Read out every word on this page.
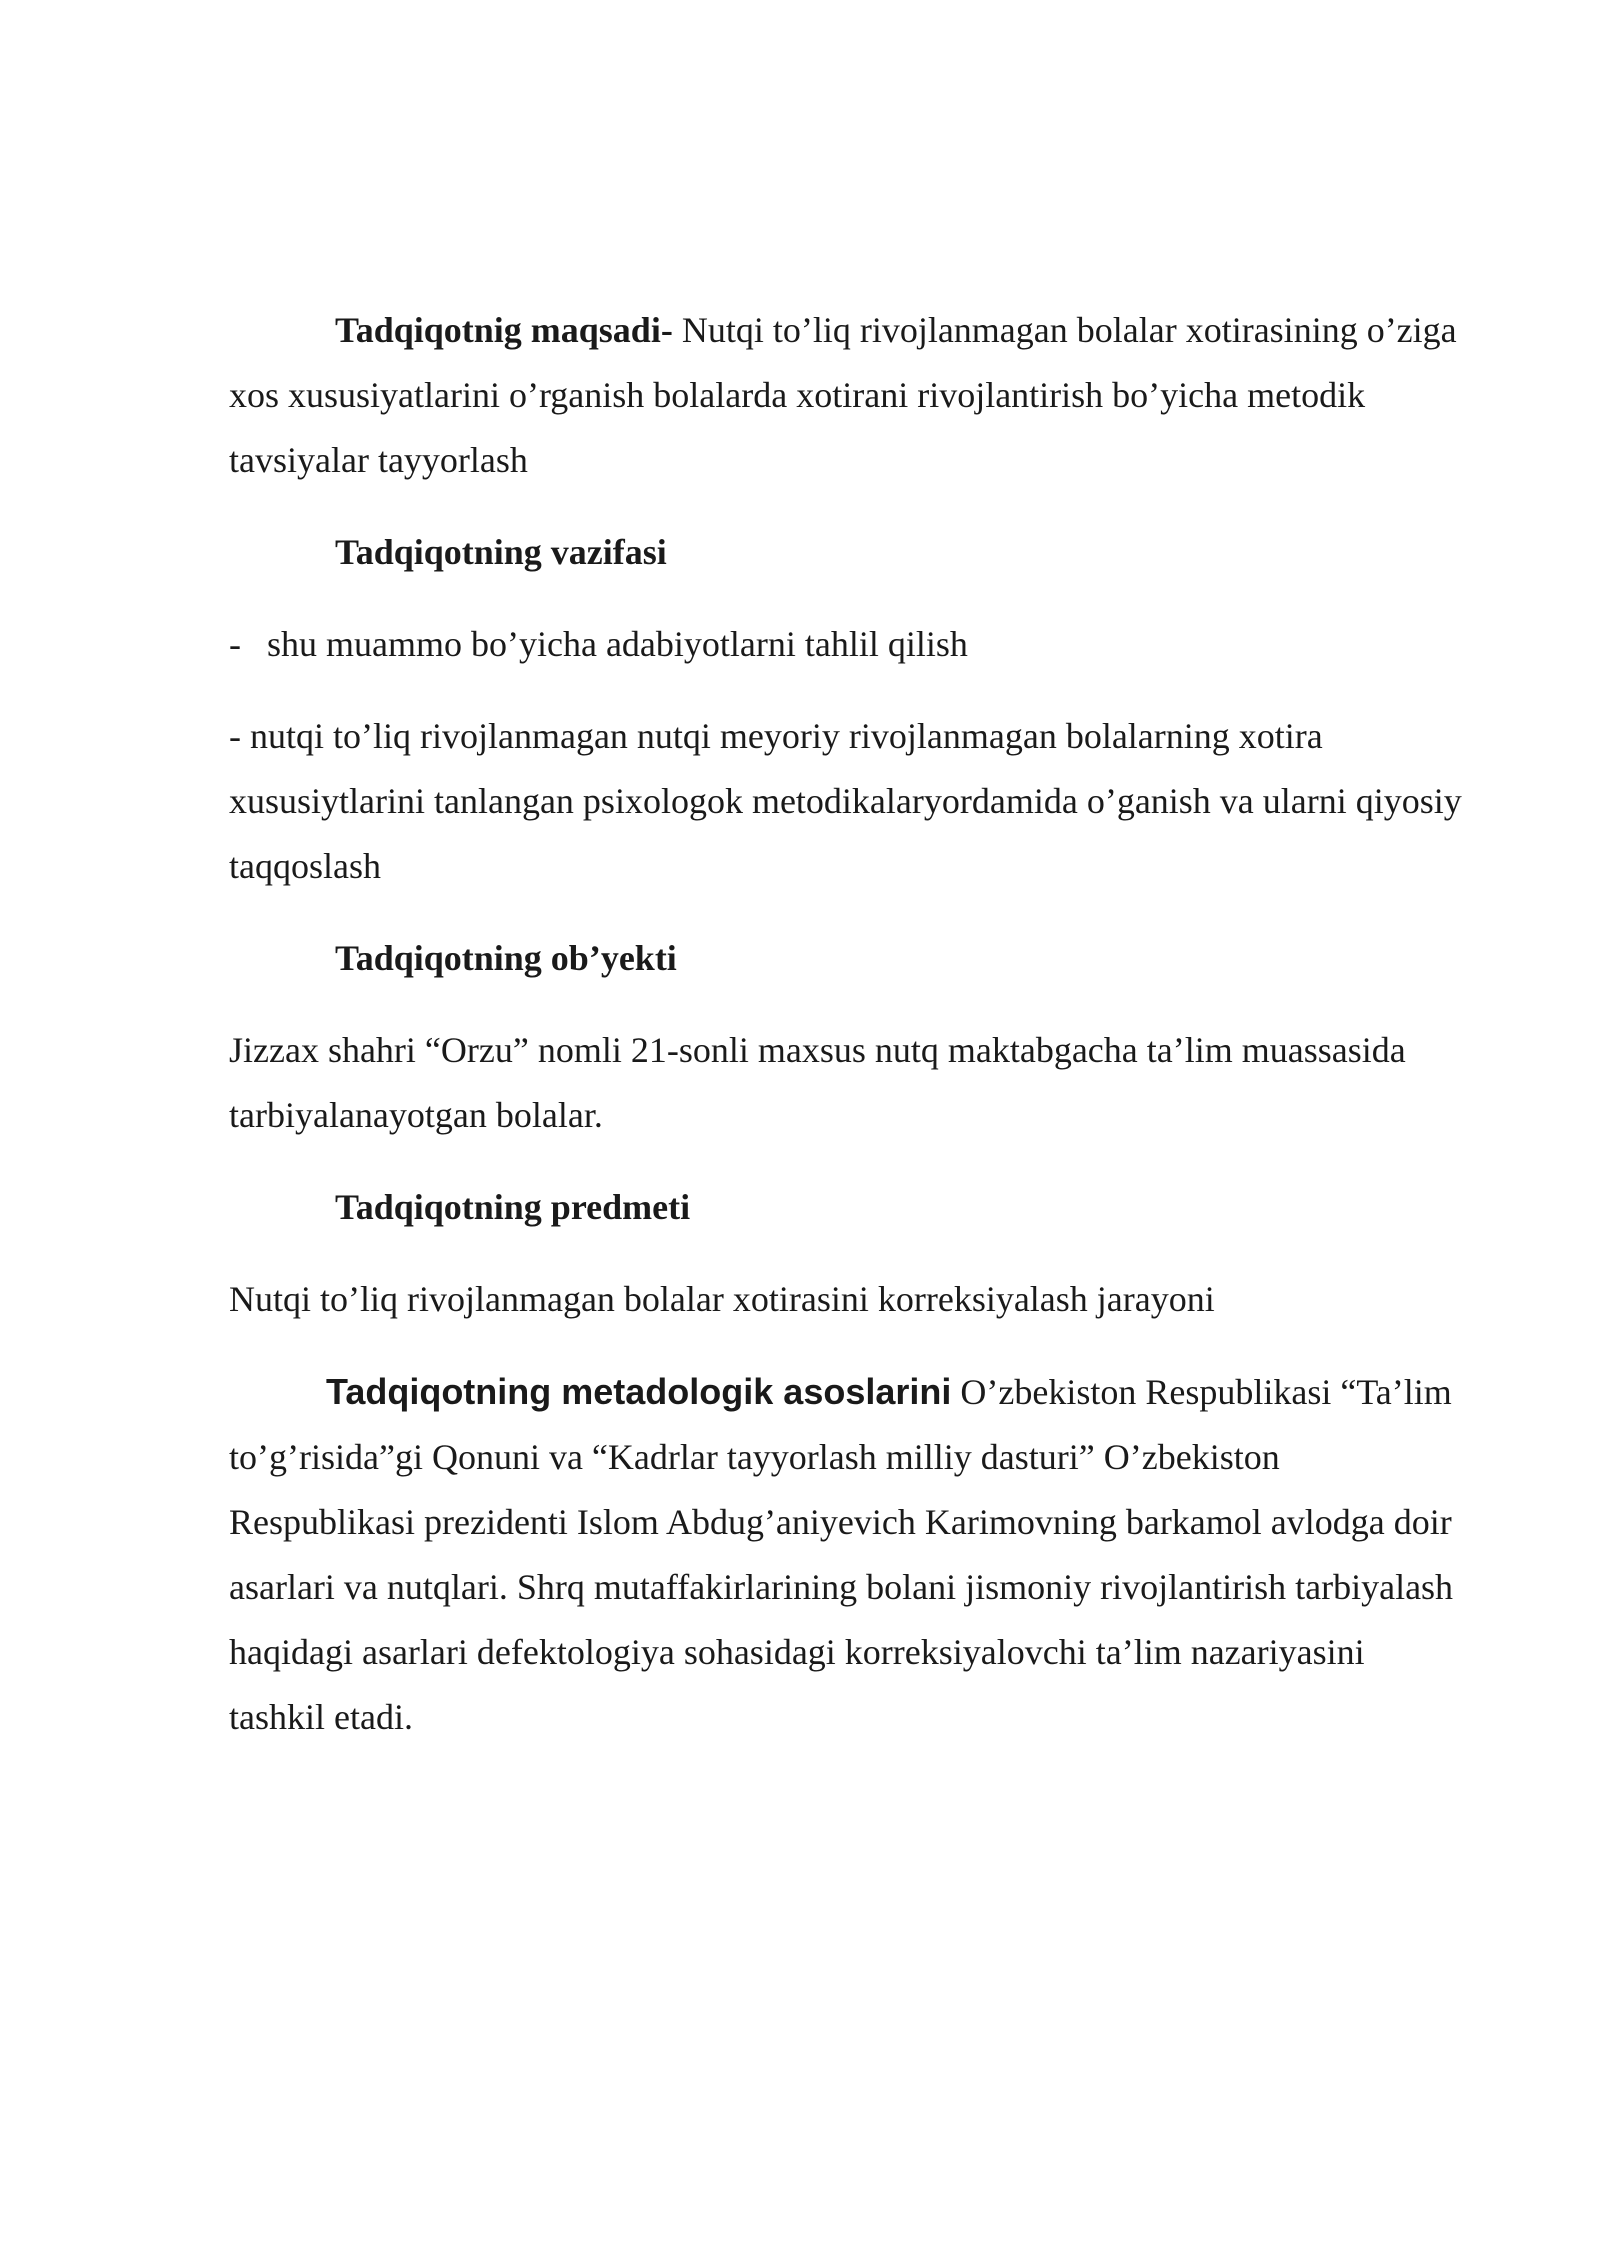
Tadqiqotnig maqsadi- Nutqi to’liq rivojlanmagan bolalar xotirasining o’ziga xos xususiyatlarini o’rganish bolalarda xotirani rivojlantirish bo’yicha metodik tavsiyalar tayyorlash

Tadqiqotning vazifasi

- shu muammo bo’yicha adabiyotlarni tahlil qilish

- nutqi to’liq rivojlanmagan nutqi meyoriy rivojlanmagan bolalarning xotira xususiytlarini tanlangan psixologok metodikalaryordamida o’ganish va ularni qiyosiy taqqoslash

Tadqiqotning ob’yekti

Jizzax shahri “Orzu” nomli 21-sonli maxsus nutq maktabgacha ta’lim muassasida tarbiyalanayotgan bolalar.

Tadqiqotning predmeti

Nutqi to’liq rivojlanmagan bolalar xotirasini korreksiyalash jarayoni

Tadqiqotning metadologik asoslarini O’zbekiston Respublikasi “Ta’lim to’g’risida”gi Qonuni va “Kadrlar tayyorlash milliy dasturi” O’zbekiston Respublikasi prezidenti Islom Abdug’aniyevich Karimovning barkamol avlodga doir asarlari va nutqlari. Shrq mutaffakirlarining bolani jismoniy rivojlantirish tarbiyalash haqidagi asarlari defektologiya sohasidagi korreksiyalovchi ta’lim nazariyasini tashkil etadi.
